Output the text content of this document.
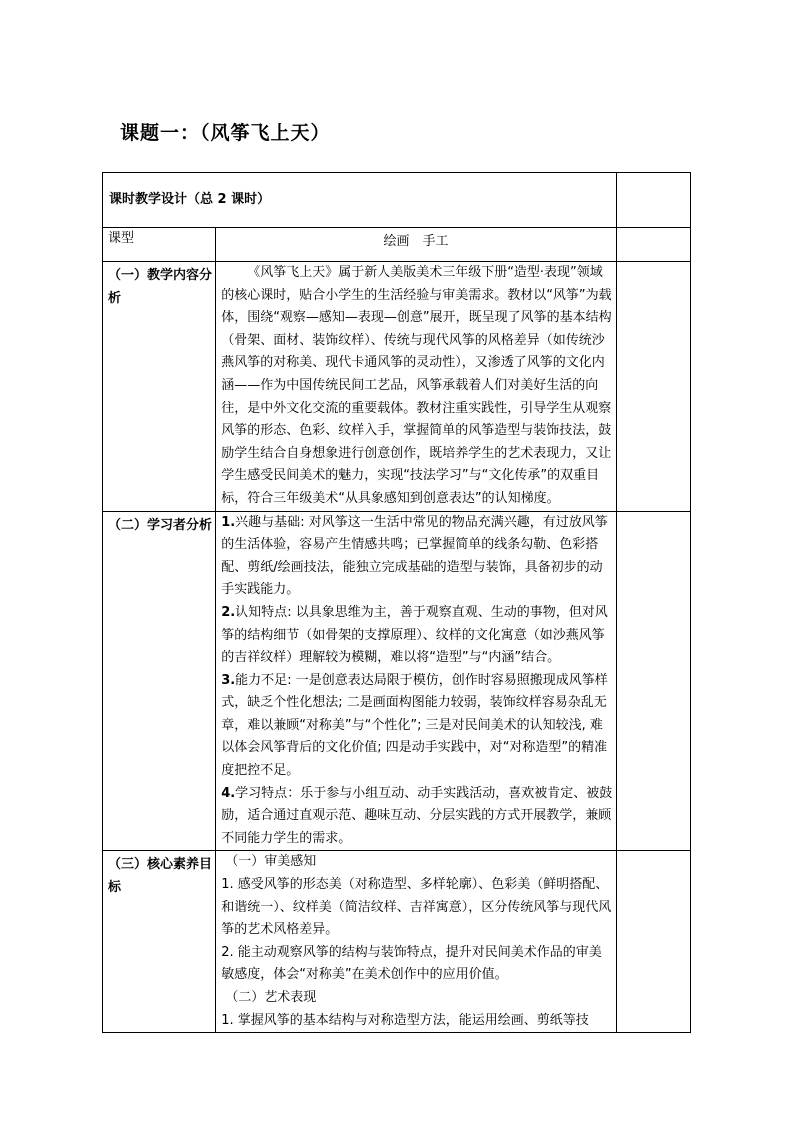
课题一：（风筝飞上天）
课时教学设计（总 2 课时）		
课型	绘画　手工	
（一）教学内容分析	《风筝飞上天》属于新人美版美术三年级下册“造型·表现”领域的核心课时，贴合小学生的生活经验与审美需求。教材以“风筝”为载体，围绕“观察—感知—表现—创意”展开，既呈现了风筝的基本结构（骨架、面材、装饰纹样）、传统与现代风筝的风格差异（如传统沙燕风筝的对称美、现代卡通风筝的灵动性），又渗透了风筝的文化内涵——作为中国传统民间工艺品，风筝承载着人们对美好生活的向往，是中外文化交流的重要载体。教材注重实践性，引导学生从观察风筝的形态、色彩、纹样入手，掌握简单的风筝造型与装饰技法，鼓励学生结合自身想象进行创意创作，既培养学生的艺术表现力，又让学生感受民间美术的魅力，实现“技法学习”与“文化传承”的双重目标，符合三年级美术“从具象感知到创意表达”的认知梯度。	

（二）学习者分析	1.兴趣与基础: 对风筝这一生活中常见的物品充满兴趣，有过放风筝的生活体验，容易产生情感共鸣；已掌握简单的线条勾勒、色彩搭配、剪纸/绘画技法，能独立完成基础的造型与装饰，具备初步的动手实践能力。

2.认知特点: 以具象思维为主，善于观察直观、生动的事物，但对风筝的结构细节（如骨架的支撑原理）、纹样的文化寓意（如沙燕风筝的吉祥纹样）理解较为模糊，难以将“造型”与“内涵”结合。

3.能力不足: 一是创意表达局限于模仿，创作时容易照搬现成风筝样式，缺乏个性化想法; 二是画面构图能力较弱，装饰纹样容易杂乱无章，难以兼顾“对称美”与“个性化”; 三是对民间美术的认知较浅, 难以体会风筝背后的文化价值; 四是动手实践中，对“对称造型”的精准度把控不足。

4.学习特点：乐于参与小组互动、动手实践活动，喜欢被肯定、被鼓励，适合通过直观示范、趣味互动、分层实践的方式开展教学，兼顾不同能力学生的需求。	

（三）核心素养目标	（一）审美感知

1. 感受风筝的形态美（对称造型、多样轮廓）、色彩美（鲜明搭配、和谐统一）、纹样美（简洁纹样、吉祥寓意），区分传统风筝与现代风筝的艺术风格差异。

2. 能主动观察风筝的结构与装饰特点，提升对民间美术作品的审美敏感度，体会“对称美”在美术创作中的应用价值。

（二）艺术表现

1. 掌握风筝的基本结构与对称造型方法，能运用绘画、剪纸等技	
